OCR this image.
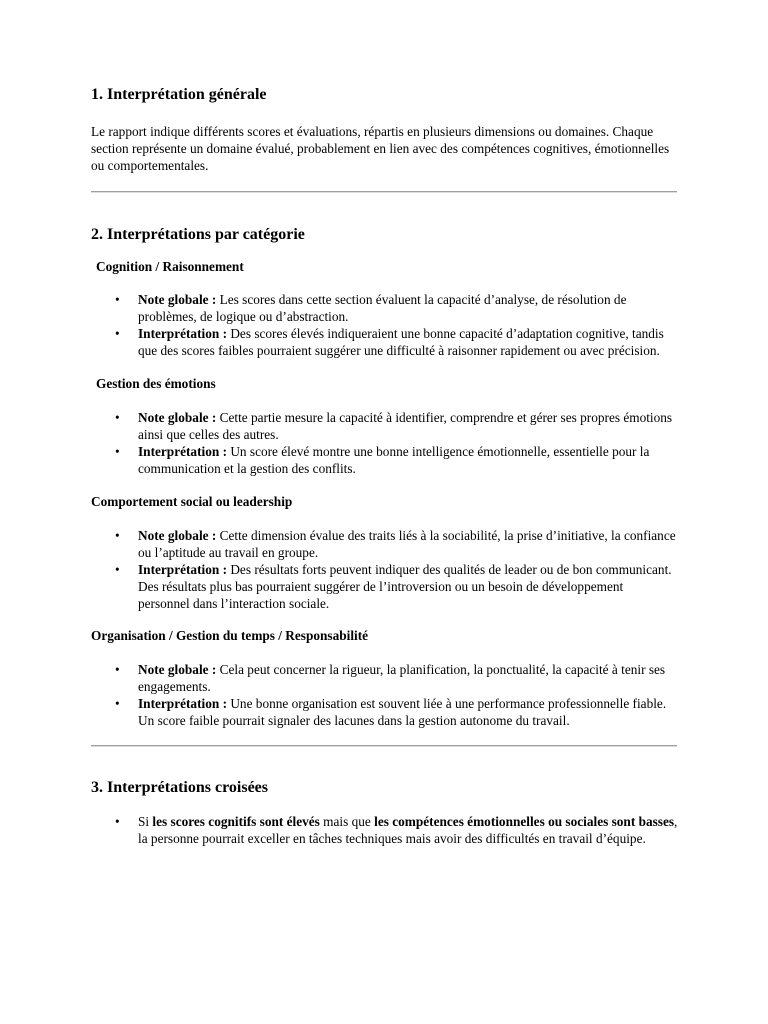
1. Interprétation générale

Le rapport indique différents scores et évaluations, répartis en plusieurs dimensions ou domaines. Chaque section représente un domaine évalué, probablement en lien avec des compétences cognitives, émotionnelles ou comportementales.

2. Interprétations par catégorie
Cognition / Raisonnement
• Note globale : Les scores dans cette section évaluent la capacité d’analyse, de résolution de problèmes, de logique ou d’abstraction.
• Interprétation : Des scores élevés indiqueraient une bonne capacité d’adaptation cognitive, tandis que des scores faibles pourraient suggérer une difficulté à raisonner rapidement ou avec précision.
Gestion des émotions
• Note globale : Cette partie mesure la capacité à identifier, comprendre et gérer ses propres émotions ainsi que celles des autres.
• Interprétation : Un score élevé montre une bonne intelligence émotionnelle, essentielle pour la communication et la gestion des conflits.
Comportement social ou leadership
• Note globale : Cette dimension évalue des traits liés à la sociabilité, la prise d’initiative, la confiance ou l’aptitude au travail en groupe.
• Interprétation : Des résultats forts peuvent indiquer des qualités de leader ou de bon communicant. Des résultats plus bas pourraient suggérer de l’introversion ou un besoin de développement personnel dans l’interaction sociale.
Organisation / Gestion du temps / Responsabilité
• Note globale : Cela peut concerner la rigueur, la planification, la ponctualité, la capacité à tenir ses engagements.
• Interprétation : Une bonne organisation est souvent liée à une performance professionnelle fiable. Un score faible pourrait signaler des lacunes dans la gestion autonome du travail.
3. Interprétations croisées
• Si les scores cognitifs sont élevés mais que les compétences émotionnelles ou sociales sont basses, la personne pourrait exceller en tâches techniques mais avoir des difficultés en travail d’équipe.
